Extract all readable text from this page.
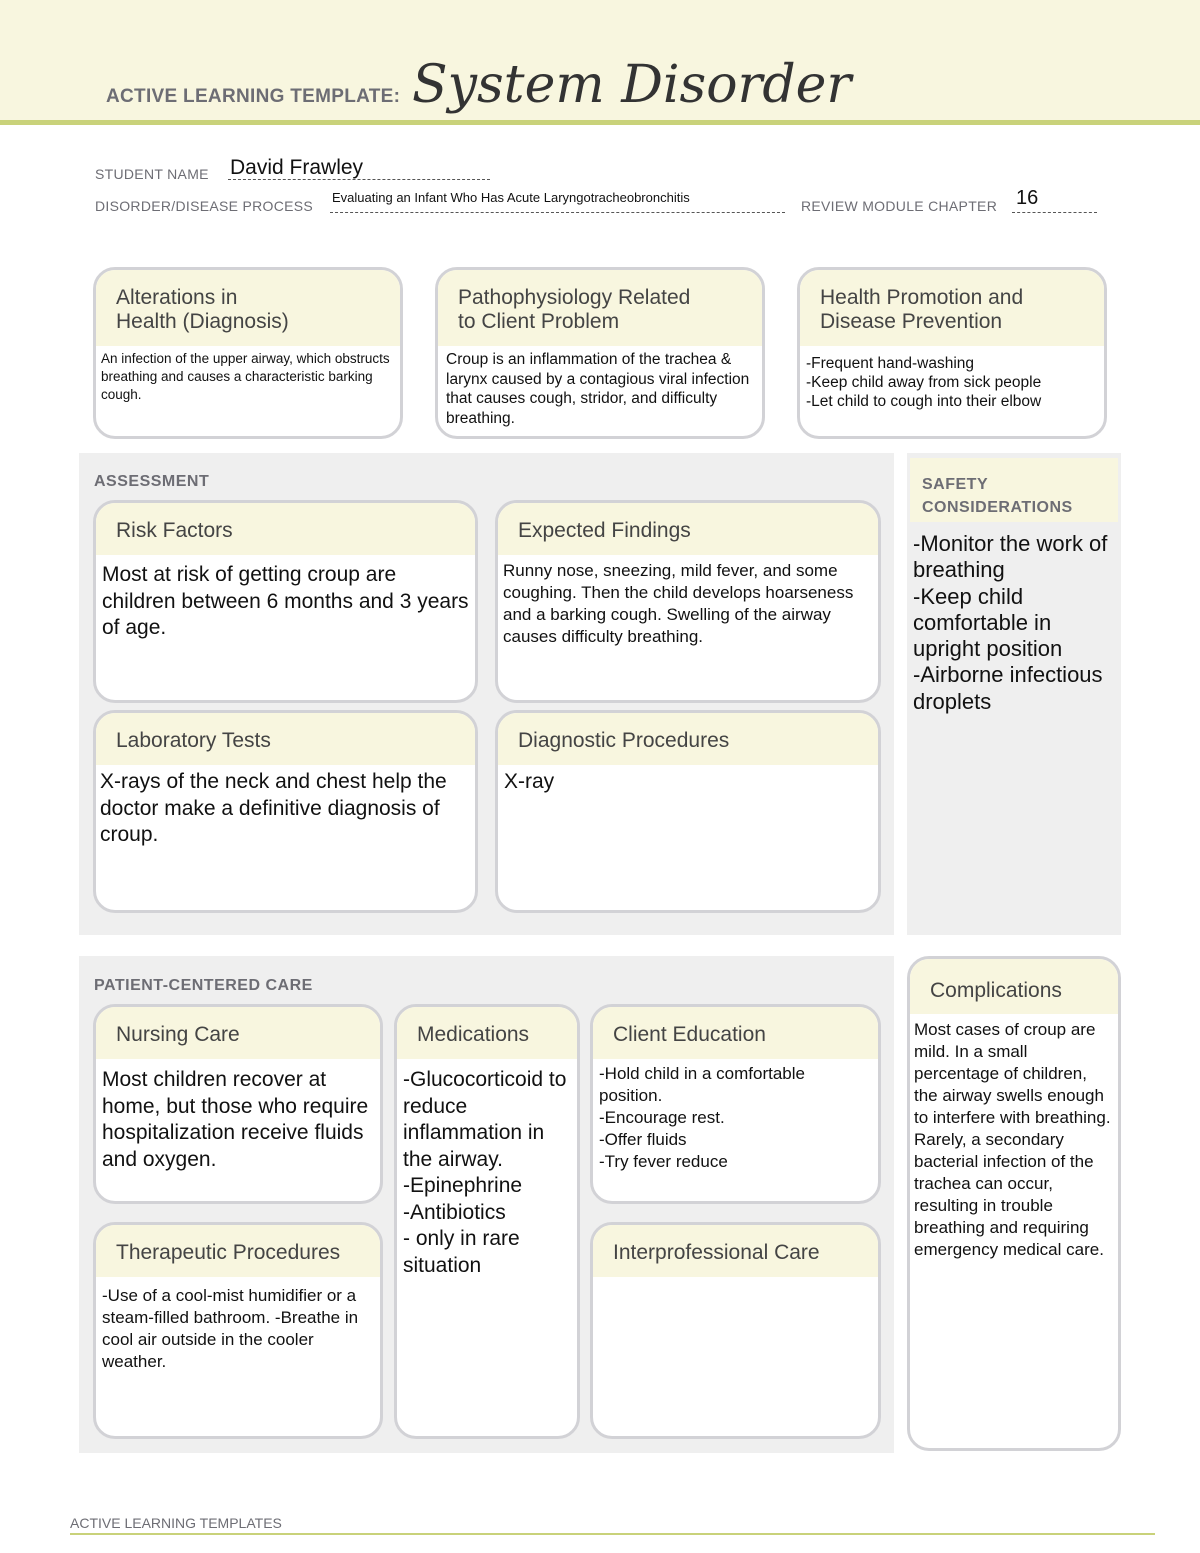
ACTIVE LEARNING TEMPLATE: System Disorder
STUDENT NAME David Frawley
DISORDER/DISEASE PROCESS
Evaluating an Infant Who Has Acute Laryngotracheobronchitis
REVIEW MODULE CHAPTER 16
Alterations in
Health (Diagnosis)
An infection of the upper airway, which obstructs breathing and causes a characteristic barking cough.
Pathophysiology Related
to Client Problem
Croup is an inflammation of the trachea & larynx caused by a contagious viral infection that causes cough, stridor, and difficulty breathing.
Health Promotion and
Disease Prevention
-Frequent hand-washing
-Keep child away from sick people
-Let child to cough into their elbow
ASSESSMENT
Risk Factors
Most at risk of getting croup are children between 6 months and 3 years of age.
Expected Findings
Runny nose, sneezing, mild fever, and some coughing. Then the child develops hoarseness and a barking cough. Swelling of the airway causes difficulty breathing.
Laboratory Tests
X-rays of the neck and chest help the doctor make a definitive diagnosis of croup.
Diagnostic Procedures
X-ray
SAFETY
CONSIDERATIONS
-Monitor the work of breathing
-Keep child comfortable in upright position
-Airborne infectious droplets
PATIENT-CENTERED CARE
Nursing Care
Most children recover at home, but those who require hospitalization receive fluids and oxygen.
Medications
-Glucocorticoid to reduce inflammation in the airway.
-Epinephrine
-Antibiotics
- only in rare situation
Client Education
-Hold child in a comfortable position.
-Encourage rest.
-Offer fluids
-Try fever reduce
Therapeutic Procedures
-Use of a cool-mist humidifier or a steam-filled bathroom. -Breathe in cool air outside in the cooler weather.
Interprofessional Care
Complications
Most cases of croup are mild. In a small percentage of children, the airway swells enough to interfere with breathing. Rarely, a secondary bacterial infection of the trachea can occur, resulting in trouble breathing and requiring emergency medical care.
ACTIVE LEARNING TEMPLATES
